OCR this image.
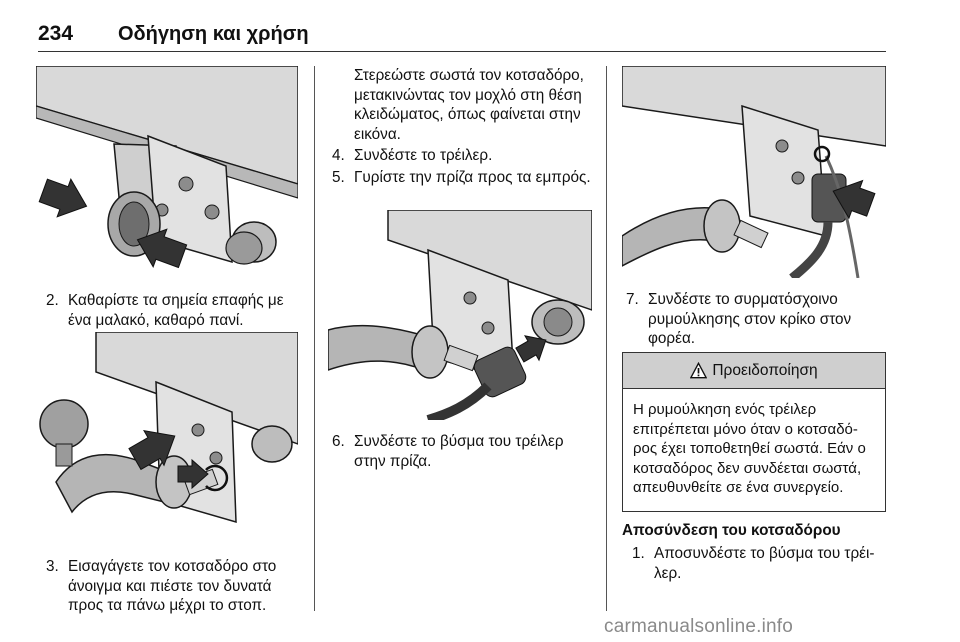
234 Οδήγηση και χρήση
2. Καθαρίστε τα σημεία επαφής με ένα μαλακό, καθαρό πανί.
3. Εισαγάγετε τον κοτσαδόρο στο άνοιγμα και πιέστε τον δυνατά προς τα πάνω μέχρι το στοπ.
Στερεώστε σωστά τον κοτσαδόρο, μετακινώντας τον μοχλό στη θέση κλειδώματος, όπως φαίνεται στην εικόνα.
4. Συνδέστε το τρέιλερ.
5. Γυρίστε την πρίζα προς τα εμπρός.
6. Συνδέστε το βύσμα του τρέιλερ στην πρίζα.
7. Συνδέστε το συρματόσχοινο ρυμούλκησης στον κρίκο στον φορέα.
Προειδοποίηση
Η ρυμούλκηση ενός τρέιλερ επιτρέπεται μόνο όταν ο κοτσαδό-ρος έχει τοποθετηθεί σωστά. Εάν ο κοτσαδόρος δεν συνδέεται σωστά, απευθυνθείτε σε ένα συνεργείο.
Αποσύνδεση του κοτσαδόρου
1. Αποσυνδέστε το βύσμα του τρέι-λερ.
carmanualsonline.info
